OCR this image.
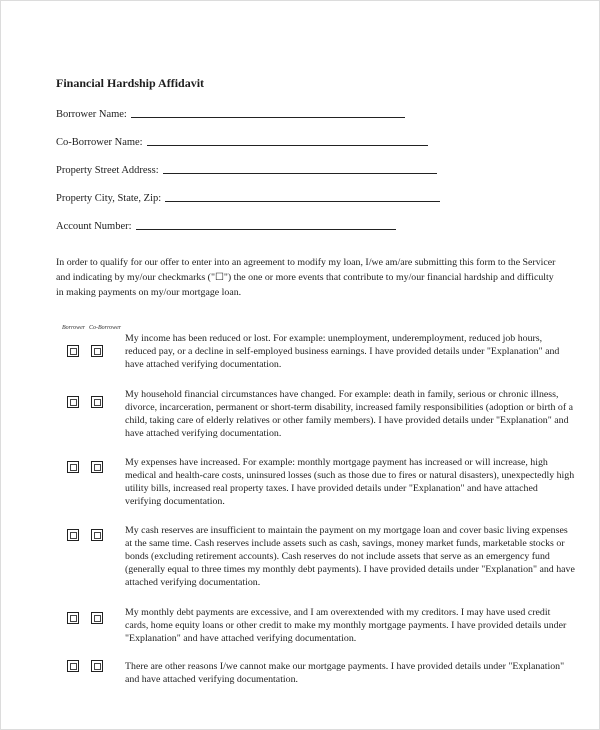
Financial Hardship Affidavit
Borrower Name:
Co-Borrower Name:
Property Street Address:
Property City, State, Zip:
Account Number:
In order to qualify for our offer to enter into an agreement to modify my loan, I/we am/are submitting this form to the Servicer and indicating by my/our checkmarks ("☐") the one or more events that contribute to my/our financial hardship and difficulty in making payments on my/our mortgage loan.
Borrower Co-Borrower
My income has been reduced or lost. For example: unemployment, underemployment, reduced job hours, reduced pay, or a decline in self-employed business earnings. I have provided details under "Explanation" and have attached verifying documentation.
My household financial circumstances have changed. For example: death in family, serious or chronic illness, divorce, incarceration, permanent or short-term disability, increased family responsibilities (adoption or birth of a child, taking care of elderly relatives or other family members). I have provided details under "Explanation" and have attached verifying documentation.
My expenses have increased. For example: monthly mortgage payment has increased or will increase, high medical and health-care costs, uninsured losses (such as those due to fires or natural disasters), unexpectedly high utility bills, increased real property taxes. I have provided details under "Explanation" and have attached verifying documentation.
My cash reserves are insufficient to maintain the payment on my mortgage loan and cover basic living expenses at the same time. Cash reserves include assets such as cash, savings, money market funds, marketable stocks or bonds (excluding retirement accounts). Cash reserves do not include assets that serve as an emergency fund (generally equal to three times my monthly debt payments). I have provided details under "Explanation" and have attached verifying documentation.
My monthly debt payments are excessive, and I am overextended with my creditors. I may have used credit cards, home equity loans or other credit to make my monthly mortgage payments. I have provided details under "Explanation" and have attached verifying documentation.
There are other reasons I/we cannot make our mortgage payments. I have provided details under "Explanation" and have attached verifying documentation.
